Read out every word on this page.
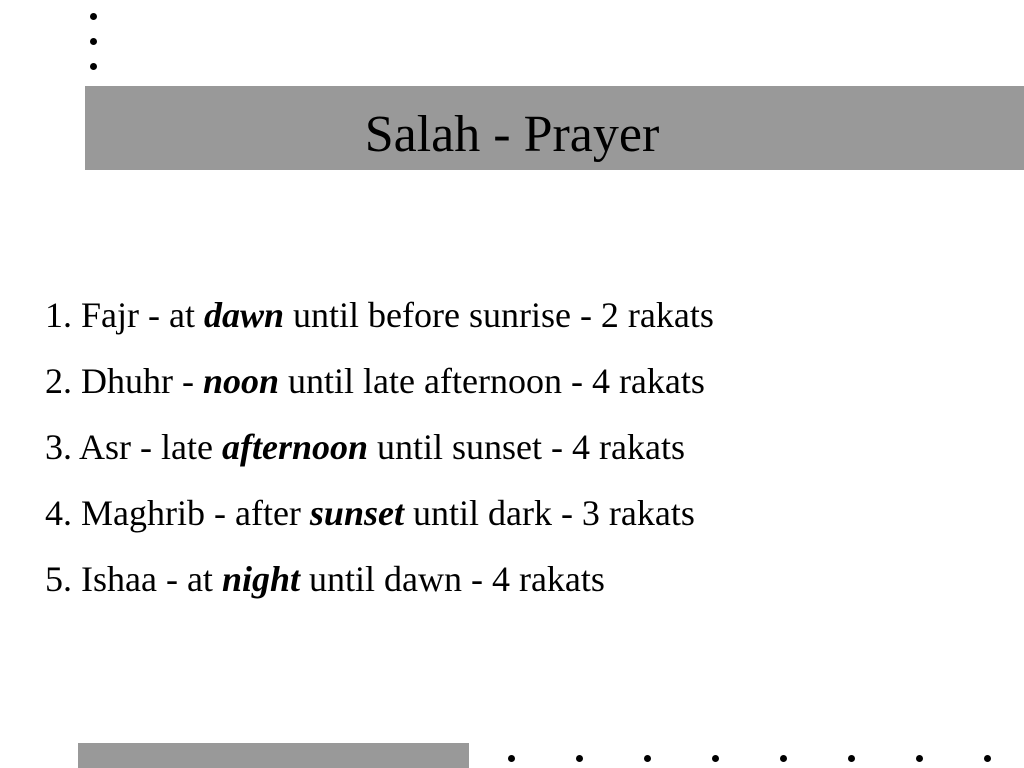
Salah - Prayer
1. Fajr - at dawn until before sunrise - 2 rakats
2. Dhuhr - noon until late afternoon - 4 rakats
3. Asr - late afternoon until sunset - 4 rakats
4. Maghrib - after sunset until dark - 3 rakats
5. Ishaa - at night until dawn - 4 rakats
